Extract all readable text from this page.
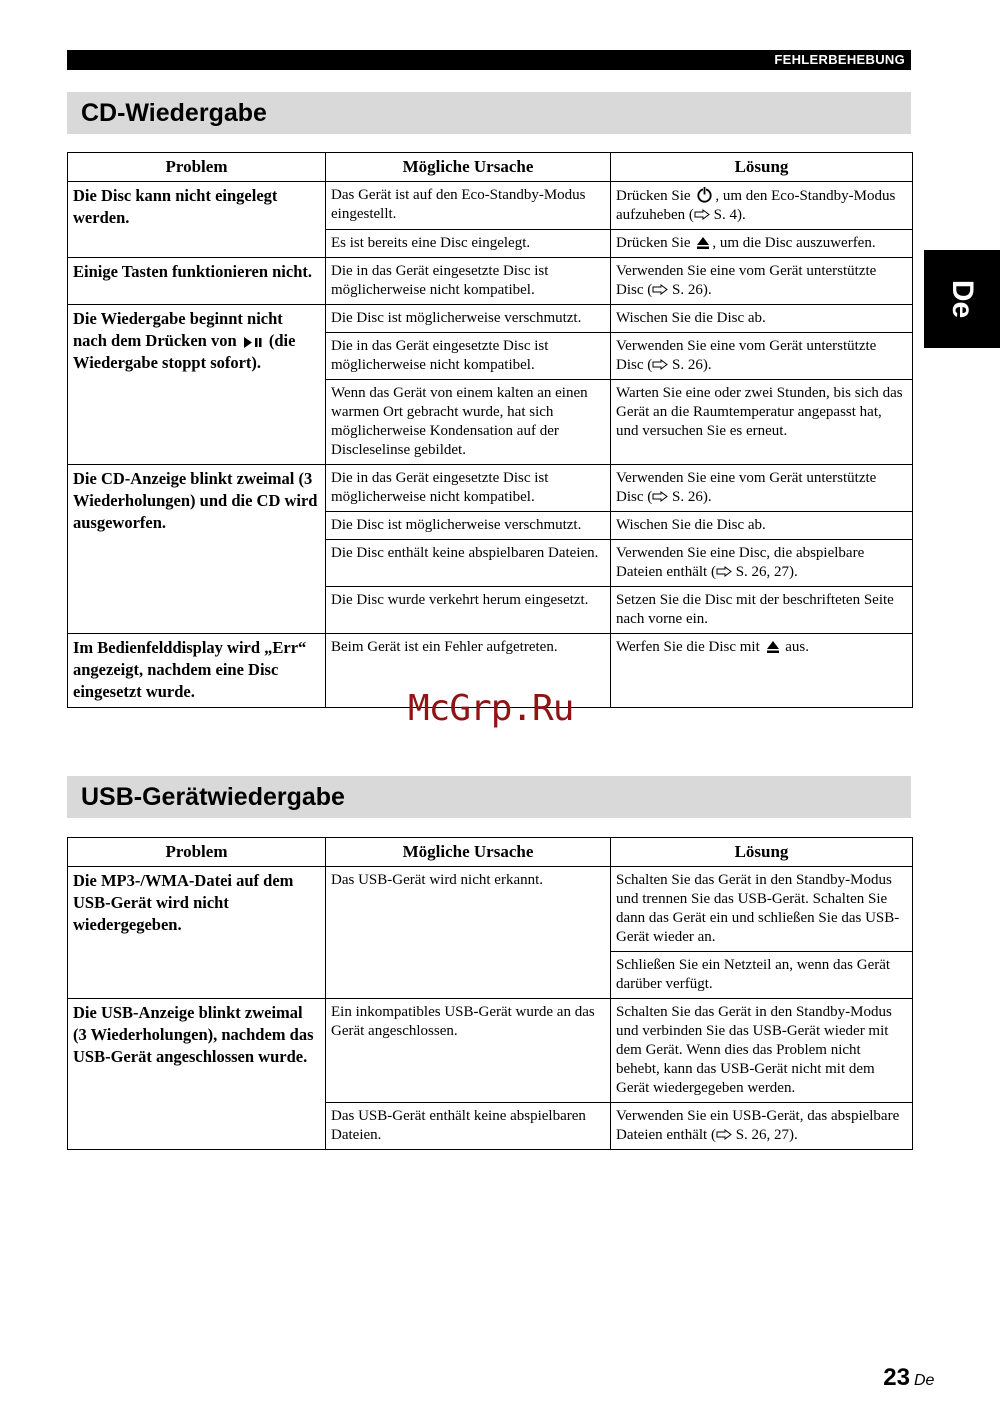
FEHLERBEHEBUNG
De
CD-Wiedergabe
Problem	Mögliche Ursache	Lösung
Die Disc kann nicht eingelegt werden.	Das Gerät ist auf den Eco-Standby-Modus eingestellt.	Drücken Sie , um den Eco-Standby-Modus aufzuheben ( S. 4).
	Es ist bereits eine Disc eingelegt.	Drücken Sie , um die Disc auszuwerfen.
Einige Tasten funktionieren nicht.	Die in das Gerät eingesetzte Disc ist möglicherweise nicht kompatibel.	Verwenden Sie eine vom Gerät unterstützte Disc ( S. 26).
Die Wiedergabe beginnt nicht nach dem Drücken von (die Wiedergabe stoppt sofort).	Die Disc ist möglicherweise verschmutzt.	Wischen Sie die Disc ab.
	Die in das Gerät eingesetzte Disc ist möglicherweise nicht kompatibel.	Verwenden Sie eine vom Gerät unterstützte Disc ( S. 26).
	Wenn das Gerät von einem kalten an einen warmen Ort gebracht wurde, hat sich möglicherweise Kondensation auf der Discleselinse gebildet.	Warten Sie eine oder zwei Stunden, bis sich das Gerät an die Raumtemperatur angepasst hat, und versuchen Sie es erneut.
Die CD-Anzeige blinkt zweimal (3 Wiederholungen) und die CD wird ausgeworfen.	Die in das Gerät eingesetzte Disc ist möglicherweise nicht kompatibel.	Verwenden Sie eine vom Gerät unterstützte Disc ( S. 26).
	Die Disc ist möglicherweise verschmutzt.	Wischen Sie die Disc ab.
	Die Disc enthält keine abspielbaren Dateien.	Verwenden Sie eine Disc, die abspielbare Dateien enthält ( S. 26, 27).
	Die Disc wurde verkehrt herum eingesetzt.	Setzen Sie die Disc mit der beschrifteten Seite nach vorne ein.
Im Bedienfelddisplay wird „Err“ angezeigt, nachdem eine Disc eingesetzt wurde.	Beim Gerät ist ein Fehler aufgetreten.	Werfen Sie die Disc mit aus.
USB-Gerätwiedergabe
Problem	Mögliche Ursache	Lösung
Die MP3-/WMA-Datei auf dem USB-Gerät wird nicht wiedergegeben.	Das USB-Gerät wird nicht erkannt.	Schalten Sie das Gerät in den Standby-Modus und trennen Sie das USB-Gerät. Schalten Sie dann das Gerät ein und schließen Sie das USB-Gerät wieder an.
		Schließen Sie ein Netzteil an, wenn das Gerät darüber verfügt.
Die USB-Anzeige blinkt zweimal (3 Wiederholungen), nachdem das USB-Gerät angeschlossen wurde.	Ein inkompatibles USB-Gerät wurde an das Gerät angeschlossen.	Schalten Sie das Gerät in den Standby-Modus und verbinden Sie das USB-Gerät wieder mit dem Gerät. Wenn dies das Problem nicht behebt, kann das USB-Gerät nicht mit dem Gerät wiedergegeben werden.
	Das USB-Gerät enthält keine abspielbaren Dateien.	Verwenden Sie ein USB-Gerät, das abspielbare Dateien enthält ( S. 26, 27).
McGrp.Ru
23 De
